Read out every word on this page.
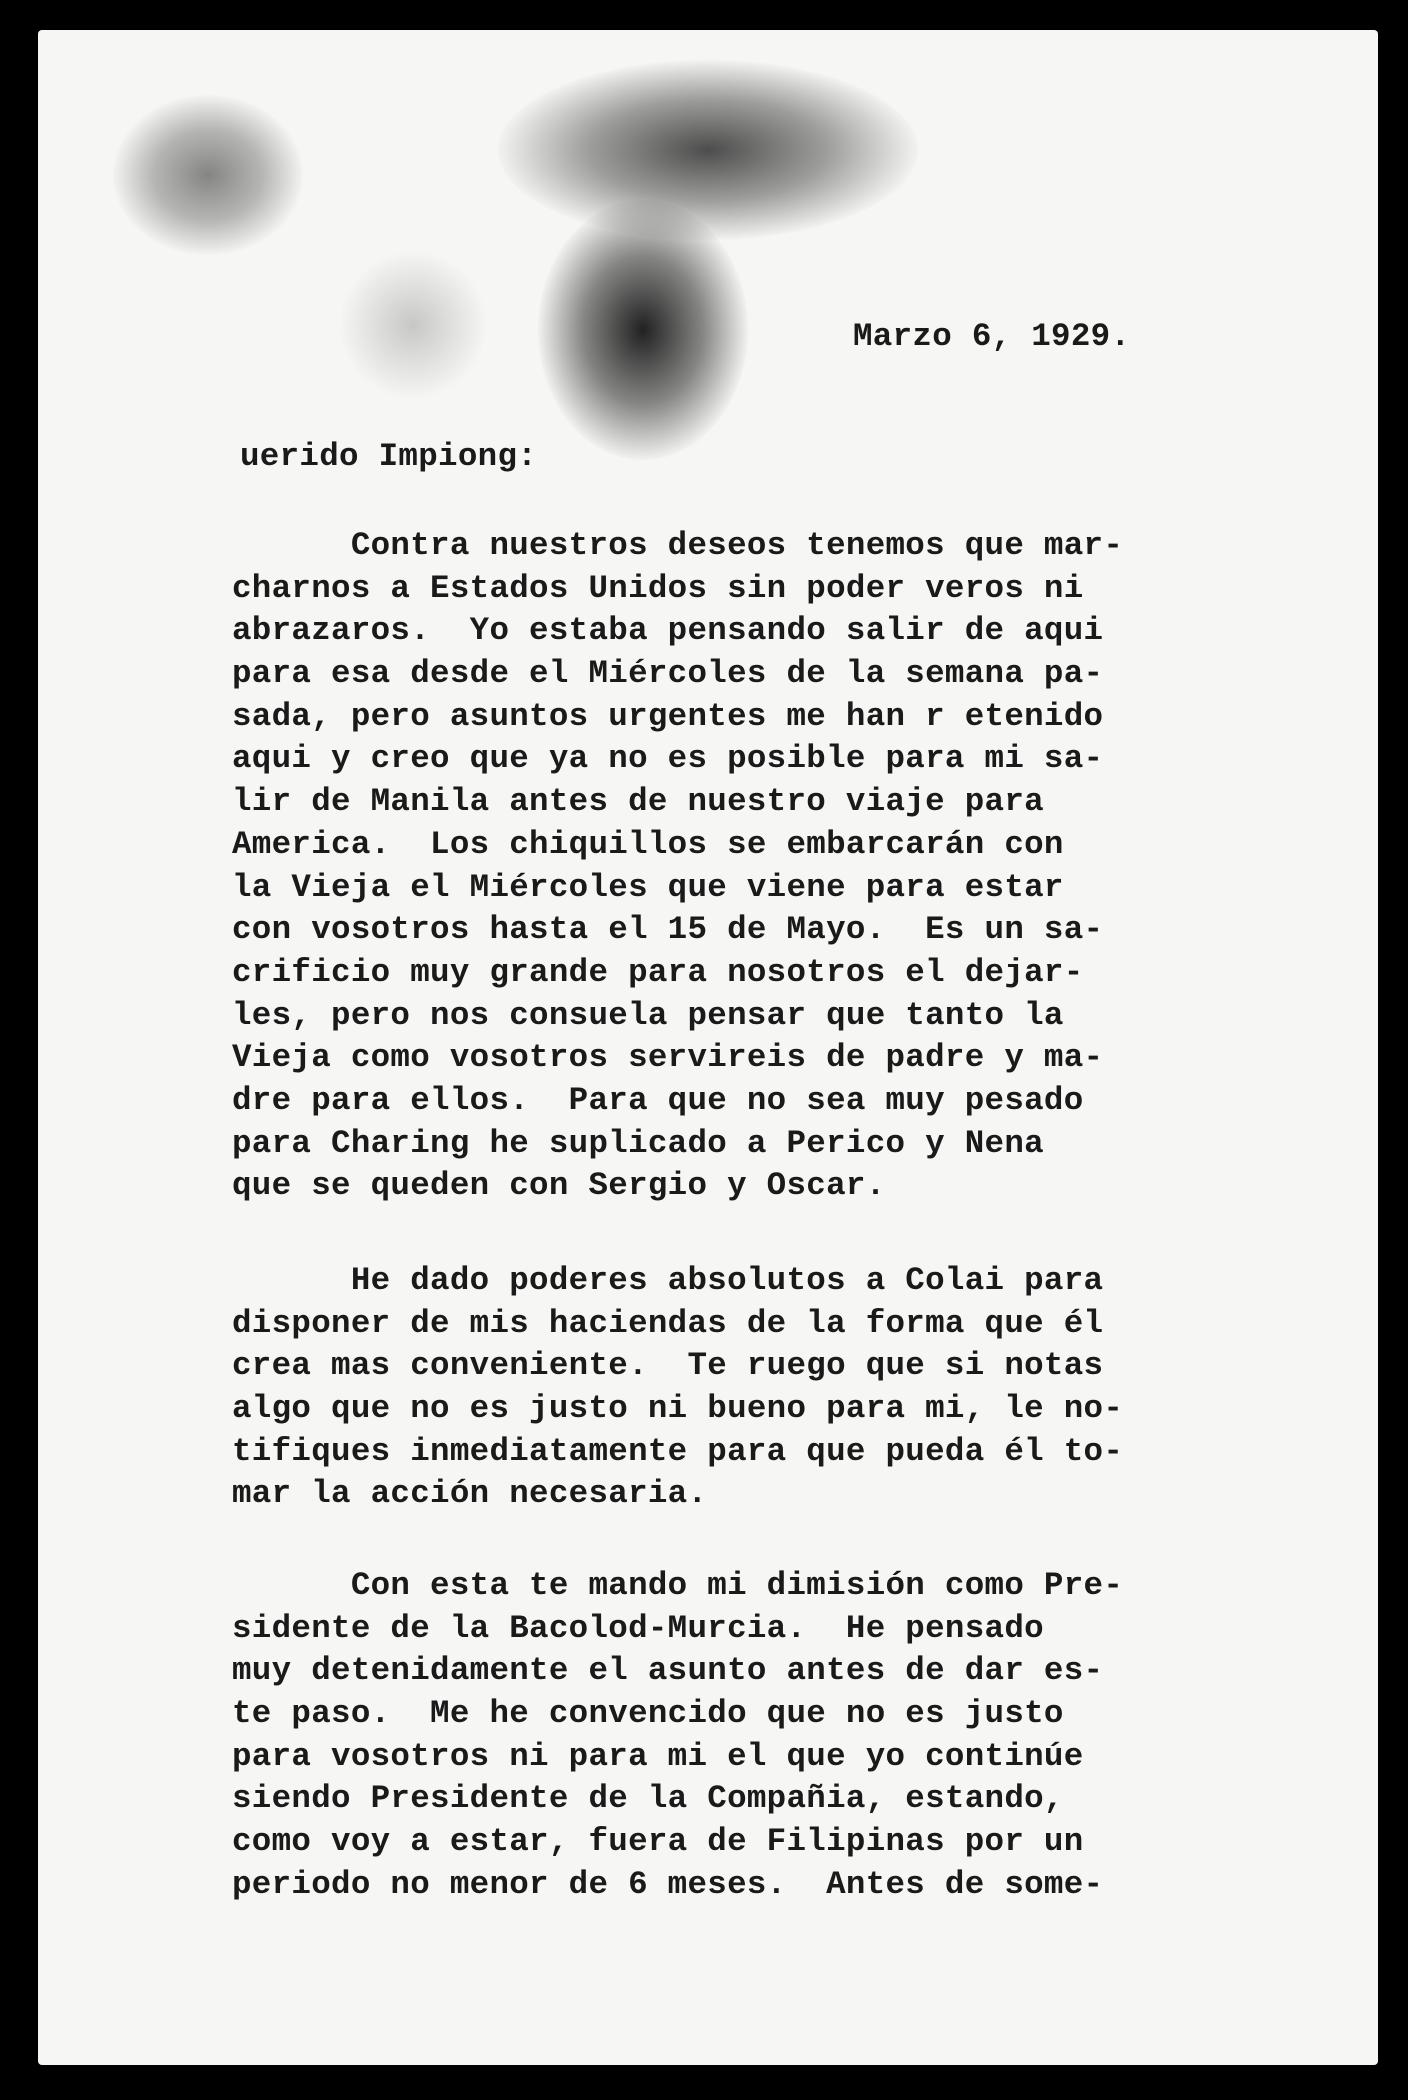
Marzo 6, 1929.
uerido Impiong:
Contra nuestros deseos tenemos que mar-
charnos a Estados Unidos sin poder veros ni
abrazaros.  Yo estaba pensando salir de aqui
para esa desde el Miércoles de la semana pa-
sada, pero asuntos urgentes me han r etenido
aqui y creo que ya no es posible para mi sa-
lir de Manila antes de nuestro viaje para
America.  Los chiquillos se embarcarán con
la Vieja el Miércoles que viene para estar
con vosotros hasta el 15 de Mayo.  Es un sa-
crificio muy grande para nosotros el dejar-
les, pero nos consuela pensar que tanto la
Vieja como vosotros servireis de padre y ma-
dre para ellos.  Para que no sea muy pesado
para Charing he suplicado a Perico y Nena
que se queden con Sergio y Oscar.
He dado poderes absolutos a Colai para
disponer de mis haciendas de la forma que él
crea mas conveniente.  Te ruego que si notas
algo que no es justo ni bueno para mi, le no-
tifiques inmediatamente para que pueda él to-
mar la acción necesaria.
Con esta te mando mi dimisión como Pre-
sidente de la Bacolod-Murcia.  He pensado
muy detenidamente el asunto antes de dar es-
te paso.  Me he convencido que no es justo
para vosotros ni para mi el que yo continúe
siendo Presidente de la Compañia, estando,
como voy a estar, fuera de Filipinas por un
periodo no menor de 6 meses.  Antes de some-
